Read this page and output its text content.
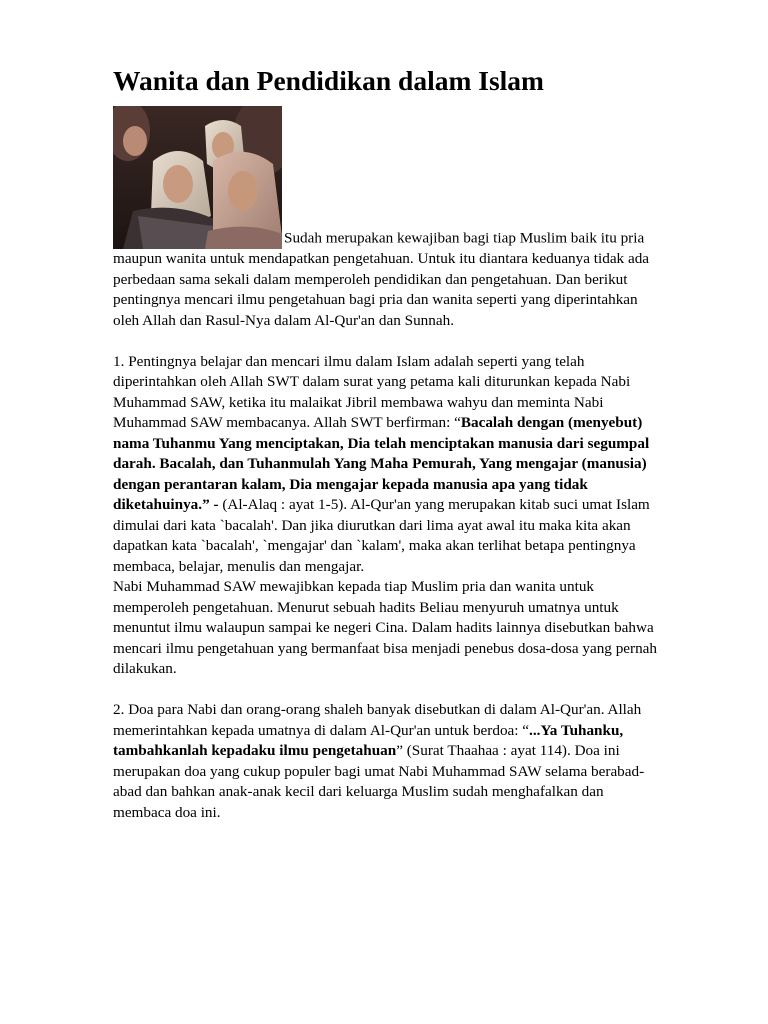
Wanita dan Pendidikan dalam Islam

Sudah merupakan kewajiban bagi tiap Muslim baik itu pria maupun wanita untuk mendapatkan pengetahuan. Untuk itu diantara keduanya tidak ada perbedaan sama sekali dalam memperoleh pendidikan dan pengetahuan. Dan berikut pentingnya mencari ilmu pengetahuan bagi pria dan wanita seperti yang diperintahkan oleh Allah dan Rasul-Nya dalam Al-Qur'an dan Sunnah.

1. Pentingnya belajar dan mencari ilmu dalam Islam adalah seperti yang telah diperintahkan oleh Allah SWT dalam surat yang petama kali diturunkan kepada Nabi Muhammad SAW, ketika itu malaikat Jibril membawa wahyu dan meminta Nabi Muhammad SAW membacanya. Allah SWT berfirman: “Bacalah dengan (menyebut) nama Tuhanmu Yang menciptakan, Dia telah menciptakan manusia dari segumpal darah. Bacalah, dan Tuhanmulah Yang Maha Pemurah, Yang mengajar (manusia) dengan perantaran kalam, Dia mengajar kepada manusia apa yang tidak diketahuinya.” - (Al-Alaq : ayat 1-5). Al-Qur'an yang merupakan kitab suci umat Islam dimulai dari kata `bacalah'. Dan jika diurutkan dari lima ayat awal itu maka kita akan dapatkan kata `bacalah', `mengajar' dan `kalam', maka akan terlihat betapa pentingnya membaca, belajar, menulis dan mengajar.

Nabi Muhammad SAW mewajibkan kepada tiap Muslim pria dan wanita untuk memperoleh pengetahuan. Menurut sebuah hadits Beliau menyuruh umatnya untuk menuntut ilmu walaupun sampai ke negeri Cina. Dalam hadits lainnya disebutkan bahwa mencari ilmu pengetahuan yang bermanfaat bisa menjadi penebus dosa-dosa yang pernah dilakukan.

2. Doa para Nabi dan orang-orang shaleh banyak disebutkan di dalam Al-Qur'an. Allah memerintahkan kepada umatnya di dalam Al-Qur'an untuk berdoa: “...Ya Tuhanku, tambahkanlah kepadaku ilmu pengetahuan” (Surat Thaahaa : ayat 114). Doa ini merupakan doa yang cukup populer bagi umat Nabi Muhammad SAW selama berabad-abad dan bahkan anak-anak kecil dari keluarga Muslim sudah menghafalkan dan membaca doa ini.
